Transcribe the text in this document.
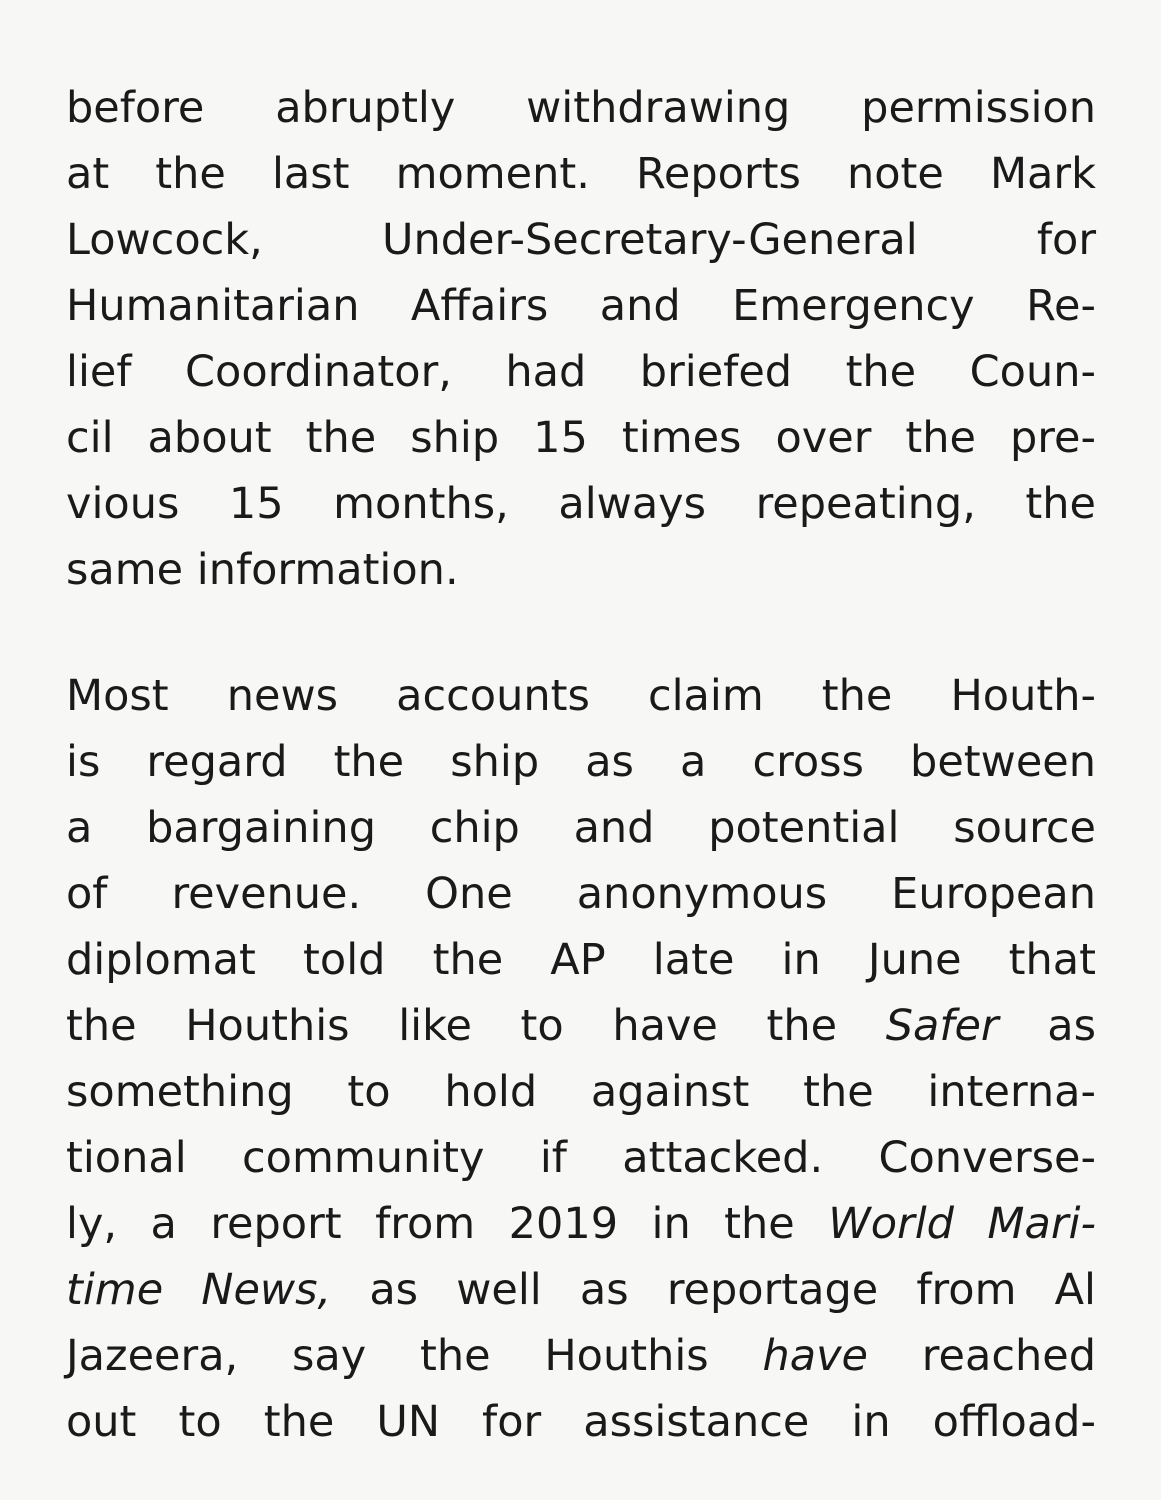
before abruptly withdrawing permission
at the last moment. Reports note Mark
Lowcock, Under-Secretary-General for
Humanitarian Affairs and Emergency Re-
lief Coordinator, had briefed the Coun-
cil about the ship 15 times over the pre-
vious 15 months, always repeating, the
same information.
Most news accounts claim the Houth-
is regard the ship as a cross between
a bargaining chip and potential source
of revenue. One anonymous European
diplomat told the AP late in June that
the Houthis like to have the Safer as
something to hold against the interna-
tional community if attacked. Converse-
ly, a report from 2019 in the World Mari-
time News, as well as reportage from Al
Jazeera, say the Houthis have reached
out to the UN for assistance in offload-
